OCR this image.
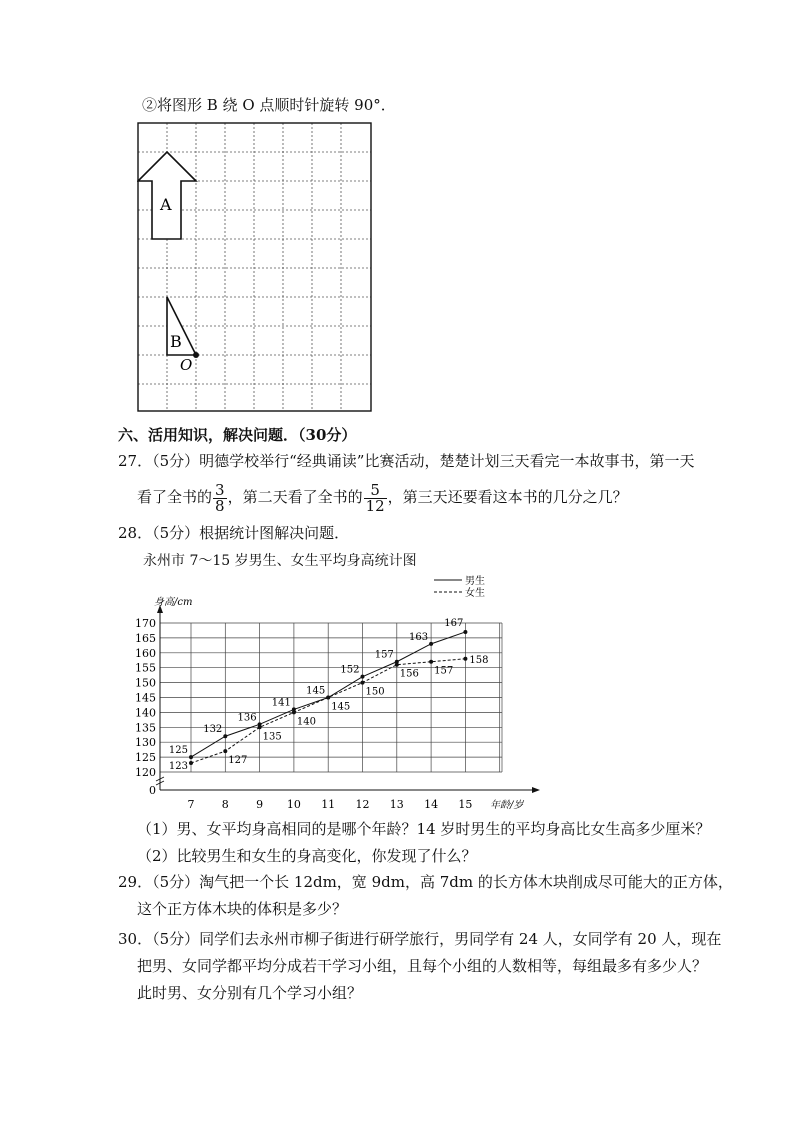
②将图形 B 绕 O 点顺时针旋转 90°．
A
B
O
六、活用知识，解决问题．（30分）
27．（5分）明德学校举行“经典诵读”比赛活动，楚楚计划三天看完一本故事书，第一天
看了全书的 $\frac{3}{8}$ ，第二天看了全书的 $\frac{5}{12}$ ，第三天还要看这本书的几分之几？
28．（5分）根据统计图解决问题．
永州市 7～15 岁男生、女生平均身高统计图
0
120
125
130
135
140
145
150
155
160
165
170
7 8 9 10 11 12 13 14 15
身高/cm
年龄/岁
男生
女生
125
132
136
141
145
152
157
163
167
123
127
135
140
145
150
156 157
158
（1）男、女平均身高相同的是哪个年龄？14 岁时男生的平均身高比女生高多少厘米？
（2）比较男生和女生的身高变化，你发现了什么？
29．（5分）淘气把一个长 12dm，宽 9dm，高 7dm 的长方体木块削成尽可能大的正方体，
这个正方体木块的体积是多少？
30．（5分）同学们去永州市柳子街进行研学旅行，男同学有 24 人，女同学有 20 人，现在
把男、女同学都平均分成若干学习小组，且每个小组的人数相等，每组最多有多少人？
此时男、女分别有几个学习小组？
